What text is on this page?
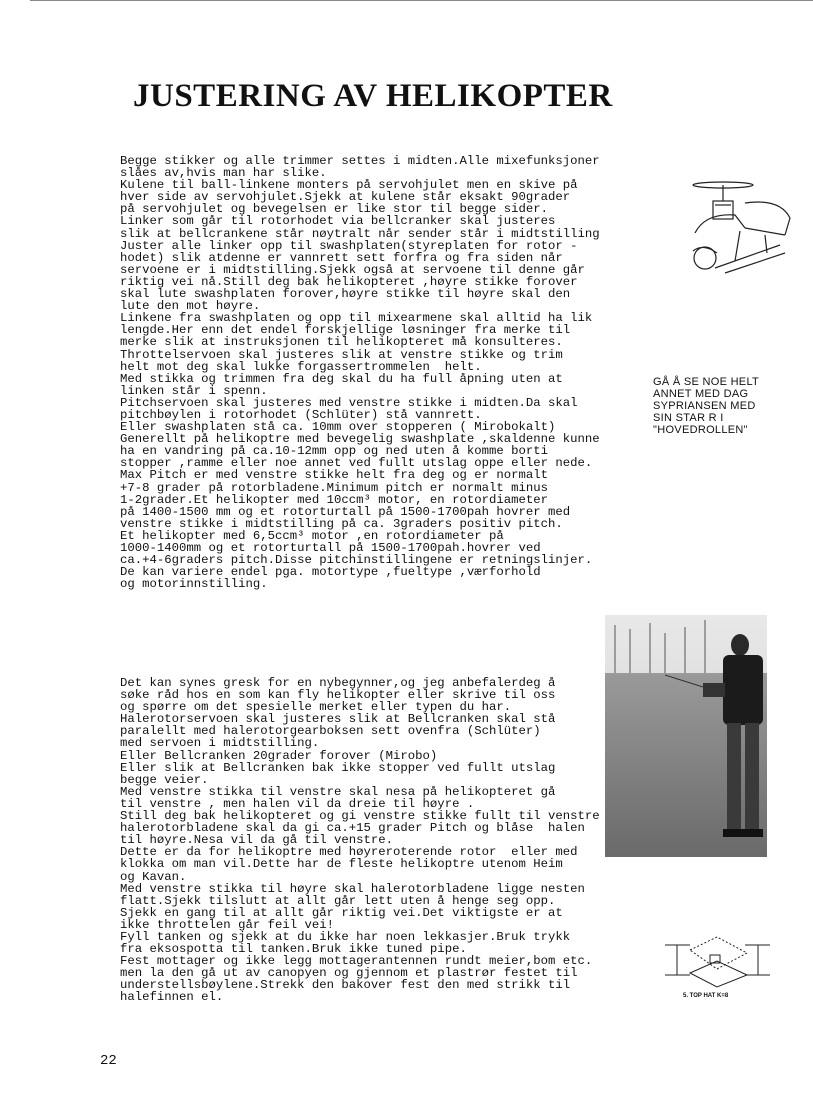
JUSTERING AV HELIKOPTER
Begge stikker og alle trimmer settes i midten.Alle mixefunksjoner
slåes av,hvis man har slike.
Kulene til ball-linkene monters på servohjulet men en skive på
hver side av servohjulet.Sjekk at kulene står eksakt 90grader
på servohjulet og bevegelsen er like stor til begge sider.
Linker som går til rotorhodet via bellcranker skal justeres
slik at bellcrankene står nøytralt når sender står i midtstilling
Juster alle linker opp til swashplaten(styreplaten for rotor -
hodet) slik atdenne er vannrett sett forfra og fra siden når
servoene er i midtstilling.Sjekk også at servoene til denne går
riktig vei nå.Still deg bak helikopteret ,høyre stikke forover
skal lute swashplaten forover,høyre stikke til høyre skal den
lute den mot høyre.
Linkene fra swashplaten og opp til mixearmene skal alltid ha lik
lengde.Her enn det endel forskjellige løsninger fra merke til
merke slik at instruksjonen til helikopteret må konsulteres.
Throttelservoen skal justeres slik at venstre stikke og trim
helt mot deg skal lukke forgassertrommelen  helt.
Med stikka og trimmen fra deg skal du ha full åpning uten at
linken står i spenn.
Pitchservoen skal justeres med venstre stikke i midten.Da skal
pitchbøylen i rotorhodet (Schlüter) stå vannrett.
Eller swashplaten stå ca. 10mm over stopperen ( Mirobokalt)
Generellt på helikoptre med bevegelig swashplate ,skaldenne kunne
ha en vandring på ca.10-12mm opp og ned uten å komme borti
stopper ,ramme eller noe annet ved fullt utslag oppe eller nede.
Max Pitch er med venstre stikke helt fra deg og er normalt
+7-8 grader på rotorbladene.Minimum pitch er normalt minus
1-2grader.Et helikopter med 10ccm³ motor, en rotordiameter
på 1400-1500 mm og et rotorturtall på 1500-1700pah hovrer med
venstre stikke i midtstilling på ca. 3graders positiv pitch.
Et helikopter med 6,5ccm³ motor ,en rotordiameter på
1000-1400mm og et rotorturtall på 1500-1700pah.hovrer ved
ca.+4-6graders pitch.Disse pitchinstillingene er retningslinjer.
De kan variere endel pga. motortype ,fueltype ,værforhold
og motorinnstilling.
GÅ Å SE NOE HELT
ANNET MED DAG
SYPRIANSEN MED
SIN STAR R I
"HOVEDROLLEN"
Det kan synes gresk for en nybegynner,og jeg anbefalerdeg å
søke råd hos en som kan fly helikopter eller skrive til oss
og spørre om det spesielle merket eller typen du har.
Halerotorservoen skal justeres slik at Bellcranken skal stå
paralellt med halerotorgearboksen sett ovenfra (Schlüter)
med servoen i midtstilling.
Eller Bellcranken 20grader forover (Mirobo)
Eller slik at Bellcranken bak ikke stopper ved fullt utslag
begge veier.
Med venstre stikka til venstre skal nesa på helikopteret gå
til venstre , men halen vil da dreie til høyre .
Still deg bak helikopteret og gi venstre stikke fullt til venstre
halerotorbladene skal da gi ca.+15 grader Pitch og blåse  halen
til høyre.Nesa vil da gå til venstre.
Dette er da for helikoptre med høyreroterende rotor  eller med
klokka om man vil.Dette har de fleste helikoptre utenom Heim
og Kavan.
Med venstre stikka til høyre skal halerotorbladene ligge nesten
flatt.Sjekk tilslutt at allt går lett uten å henge seg opp.
Sjekk en gang til at allt går riktig vei.Det viktigste er at
ikke throttelen går feil vei!
Fyll tanken og sjekk at du ikke har noen lekkasjer.Bruk trykk
fra eksospotta til tanken.Bruk ikke tuned pipe.
Fest mottager og ikke legg mottagerantennen rundt meier,bom etc.
men la den gå ut av canopyen og gjennom et plastrør festet til
understellsbøylene.Strekk den bakover fest den med strikk til
halefinnen el.	5. TOP HAT K=8
22
